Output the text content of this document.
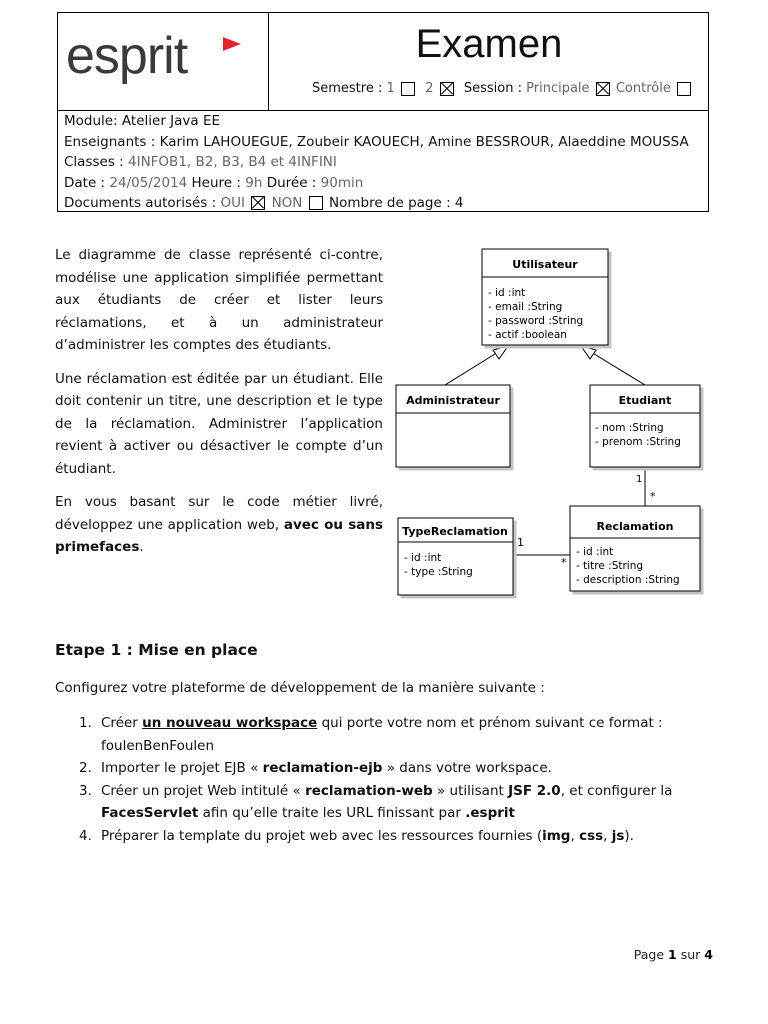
esprit	Examen
Semestre : 1 2 Session : Principale Contrôle
Module: Atelier Java EE
Enseignants : Karim LAHOUEGUE, Zoubeir KAOUECH, Amine BESSROUR, Alaeddine MOUSSA
Classes : 4INFOB1, B2, B3, B4 et 4INFINI
Date : 24/05/2014 Heure : 9h Durée : 90min
Documents autorisés : OUI NON Nombre de page : 4

Le diagramme de classe représenté ci-contre, modélise une application simplifiée permettant aux étudiants de créer et lister leurs réclamations, et à un administrateur d’administrer les comptes des étudiants.

Une réclamation est éditée par un étudiant. Elle doit contenir un titre, une description et le type de la réclamation. Administrer l’application revient à activer ou désactiver le compte d’un étudiant.

En vous basant sur le code métier livré, développez une application web, avec ou sans primefaces.

Utilisateur
- id :int
- email :String
- password :String
- actif :boolean
Administrateur	Etudiant
- nom :String
- prenom :String
TypeReclamation
- id :int
- type :String
Reclamation
- id :int
- titre :String
- description :String
1
*
1
*
Etape 1 : Mise en place
Configurez votre plateforme de développement de la manière suivante :
1. Créer un nouveau workspace qui porte votre nom et prénom suivant ce format : foulenBenFoulen
2. Importer le projet EJB « reclamation-ejb » dans votre workspace.
3. Créer un projet Web intitulé « reclamation-web » utilisant JSF 2.0, et configurer la FacesServlet afin qu’elle traite les URL finissant par .esprit
4. Préparer la template du projet web avec les ressources fournies (img, css, js).
Page 1 sur 4
